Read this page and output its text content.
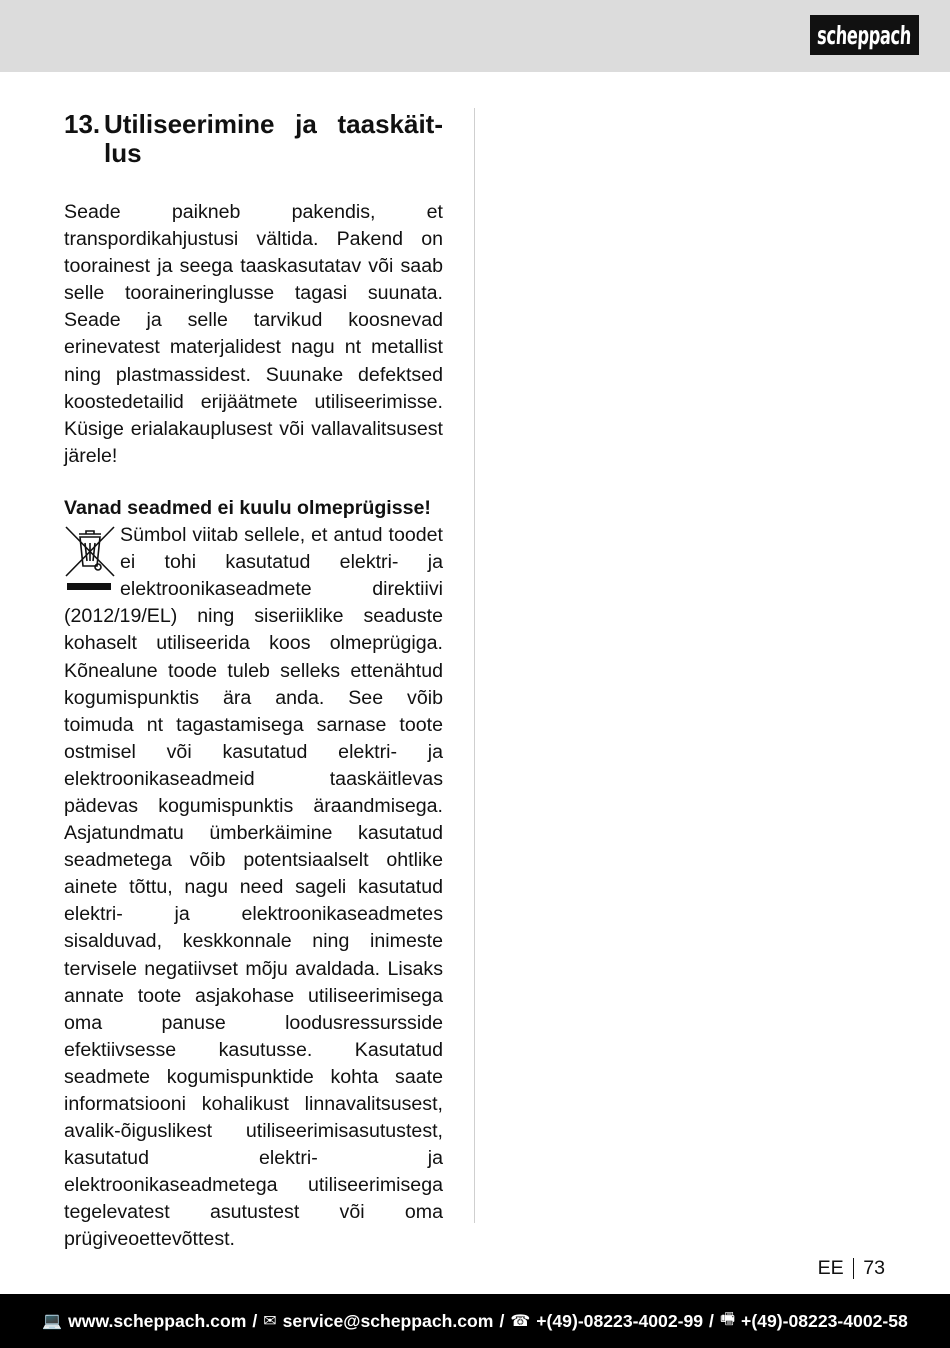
scheppach
13. Utiliseerimine ja taaskäit-
lus

Seade paikneb pakendis, et transpordikahjustusi vältida. Pakend on toorainest ja seega taaskasutatav või saab selle tooraineringlusse tagasi suunata. Seade ja selle tarvikud koosnevad erinevatest materjalidest nagu nt metallist ning plastmassidest. Suunake defektsed koostedetailid erijäätmete utiliseerimisse. Küsige erialakauplusest või vallavalitsusest järele!

Vanad seadmed ei kuulu olmeprügisse!
Sümbol viitab sellele, et antud toodet ei tohi kasutatud elektri- ja elektroonikaseadmete direktiivi (2012/19/EL) ning siseriiklike seaduste kohaselt utiliseerida koos olmeprügiga. Kõnealune toode tuleb selleks ettenähtud kogumispunktis ära anda. See võib toimuda nt tagastamisega sarnase toote ostmisel või kasutatud elektri- ja elektroonikaseadmeid taaskäitlevas pädevas kogumispunktis äraandmisega. Asjatundmatu ümberkäimine kasutatud seadmetega võib potentsiaalselt ohtlike ainete tõttu, nagu need sageli kasutatud elektri- ja elektroonikaseadmetes sisalduvad, keskkonnale ning inimeste tervisele negatiivset mõju avaldada. Lisaks annate toote asjakohase utiliseerimisega oma panuse loodusressursside efektiivsesse kasutusse. Kasutatud seadmete kogumispunktide kohta saate informatsiooni kohalikust linnavalitsusest, avalik-õiguslikest utiliseerimisasutustest, kasutatud elektri- ja elektroonikaseadmetega utiliseerimisega tegelevatest asutustest või oma prügiveoettevõttest.
EE 73
💻 www.scheppach.com / ✉ service@scheppach.com / ☎ +(49)-08223-4002-99 / 🖷 +(49)-08223-4002-58
